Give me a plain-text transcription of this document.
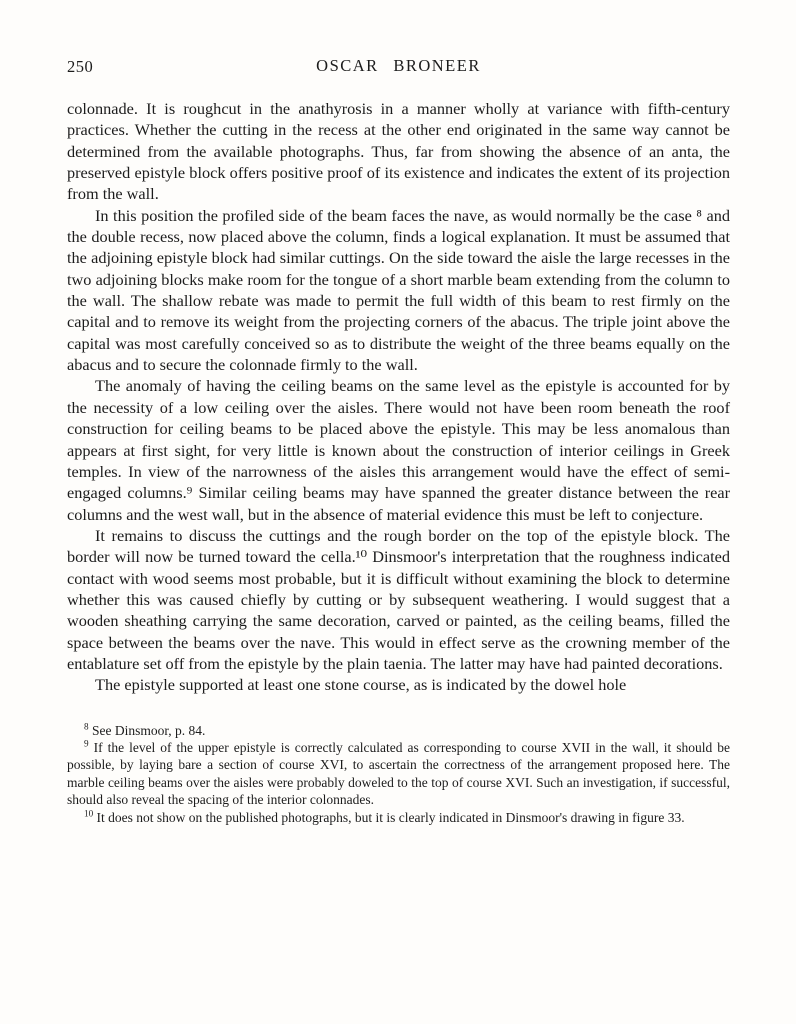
250	OSCAR BRONEER

colonnade. It is roughcut in the anathyrosis in a manner wholly at variance with fifth-century practices. Whether the cutting in the recess at the other end originated in the same way cannot be determined from the available photographs. Thus, far from showing the absence of an anta, the preserved epistyle block offers positive proof of its existence and indicates the extent of its projection from the wall.

In this position the profiled side of the beam faces the nave, as would normally be the case ⁸ and the double recess, now placed above the column, finds a logical explanation. It must be assumed that the adjoining epistyle block had similar cuttings. On the side toward the aisle the large recesses in the two adjoining blocks make room for the tongue of a short marble beam extending from the column to the wall. The shallow rebate was made to permit the full width of this beam to rest firmly on the capital and to remove its weight from the projecting corners of the abacus. The triple joint above the capital was most carefully conceived so as to distribute the weight of the three beams equally on the abacus and to secure the colonnade firmly to the wall.

The anomaly of having the ceiling beams on the same level as the epistyle is accounted for by the necessity of a low ceiling over the aisles. There would not have been room beneath the roof construction for ceiling beams to be placed above the epistyle. This may be less anomalous than appears at first sight, for very little is known about the construction of interior ceilings in Greek temples. In view of the narrowness of the aisles this arrangement would have the effect of semi-engaged columns.⁹ Similar ceiling beams may have spanned the greater distance between the rear columns and the west wall, but in the absence of material evidence this must be left to conjecture.

It remains to discuss the cuttings and the rough border on the top of the epistyle block. The border will now be turned toward the cella.¹⁰ Dinsmoor's interpretation that the roughness indicated contact with wood seems most probable, but it is difficult without examining the block to determine whether this was caused chiefly by cutting or by subsequent weathering. I would suggest that a wooden sheathing carrying the same decoration, carved or painted, as the ceiling beams, filled the space between the beams over the nave. This would in effect serve as the crowning member of the entablature set off from the epistyle by the plain taenia. The latter may have had painted decorations.

The epistyle supported at least one stone course, as is indicated by the dowel hole

$^8$ See Dinsmoor, p. 84.

$^9$ If the level of the upper epistyle is correctly calculated as corresponding to course XVII in the wall, it should be possible, by laying bare a section of course XVI, to ascertain the correctness of the arrangement proposed here. The marble ceiling beams over the aisles were probably doweled to the top of course XVI. Such an investigation, if successful, should also reveal the spacing of the interior colonnades.

$^{10}$ It does not show on the published photographs, but it is clearly indicated in Dinsmoor's drawing in figure 33.
